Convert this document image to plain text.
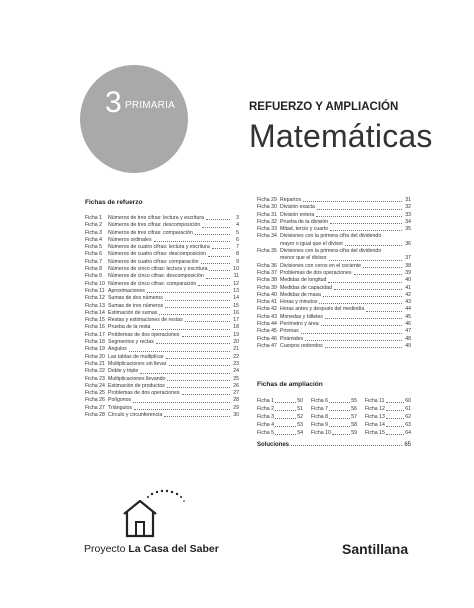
3 PRIMARIA	REFUERZO Y AMPLIACIÓN
Matemáticas
Fichas de refuerzo
Ficha 1	Números de tres cifras: lectura y escritura	3
Ficha 2	Números de tres cifras: descomposición	4
Ficha 3	Números de tres cifras: comparación	5
Ficha 4	Números ordinales	6
Ficha 5	Números de cuatro cifras: lectura y escritura	7
Ficha 6	Números de cuatro cifras: descomposición	8
Ficha 7	Números de cuatro cifras: comparación	9
Ficha 8	Números de cinco cifras: lectura y escritura	10
Ficha 9	Números de cinco cifras: descomposición	11
Ficha 10 Números de cinco cifras: comparación	12
Ficha 11 Aproximaciones	13
Ficha 12 Sumas de dos números	14
Ficha 13 Sumas de tres números	15
Ficha 14 Estimación de sumas	16
Ficha 15 Restas y estimaciones de restas	17
Ficha 16 Prueba de la resta	18
Ficha 17 Problemas de dos operaciones	19
Ficha 18 Segmentos y rectas	20
Ficha 19 Ángulos	21
Ficha 20 Las tablas de multiplicar	22
Ficha 21 Multiplicaciones sin llevar	23
Ficha 22 Doble y triple	24
Ficha 23 Multiplicaciones llevando	25
Ficha 24 Estimación de productos	26
Ficha 25 Problemas de dos operaciones	27
Ficha 26 Polígonos	28
Ficha 27 Triángulos	29
Ficha 28 Círculo y circunferencia	30
Ficha 29 Repartos	31
Ficha 30 División exacta	32
Ficha 31 División entera	33
Ficha 32 Prueba de la división	34
Ficha 33 Mitad, tercio y cuarto	35
Ficha 34 Divisiones con la primera cifra del dividendo
mayor o igual que el divisor	36
Ficha 35 Divisiones con la primera cifra del dividendo
menor que el divisor	37
Ficha 36 Divisiones con ceros en el cociente	38
Ficha 37 Problemas de dos operaciones	39
Ficha 38 Medidas de longitud	40
Ficha 39 Medidas de capacidad	41
Ficha 40 Medidas de masa	42
Ficha 41 Horas y minutos	43
Ficha 42 Horas antes y después del mediodía	44
Ficha 43 Monedas y billetes	45
Ficha 44 Perímetro y área	46
Ficha 45 Prismas	47
Ficha 46 Pirámides	48
Ficha 47 Cuerpos redondos	49
Fichas de ampliación
Ficha 1	50 Ficha 6	55 Ficha 11	60
Ficha 2	51 Ficha 7	56 Ficha 12	61
Ficha 3	52 Ficha 8	57 Ficha 13	62
Ficha 4	53 Ficha 9	58 Ficha 14	63
Ficha 5	54 Ficha 10	59 Ficha 15	64
Soluciones	65
Proyecto La Casa del Saber	Santillana
